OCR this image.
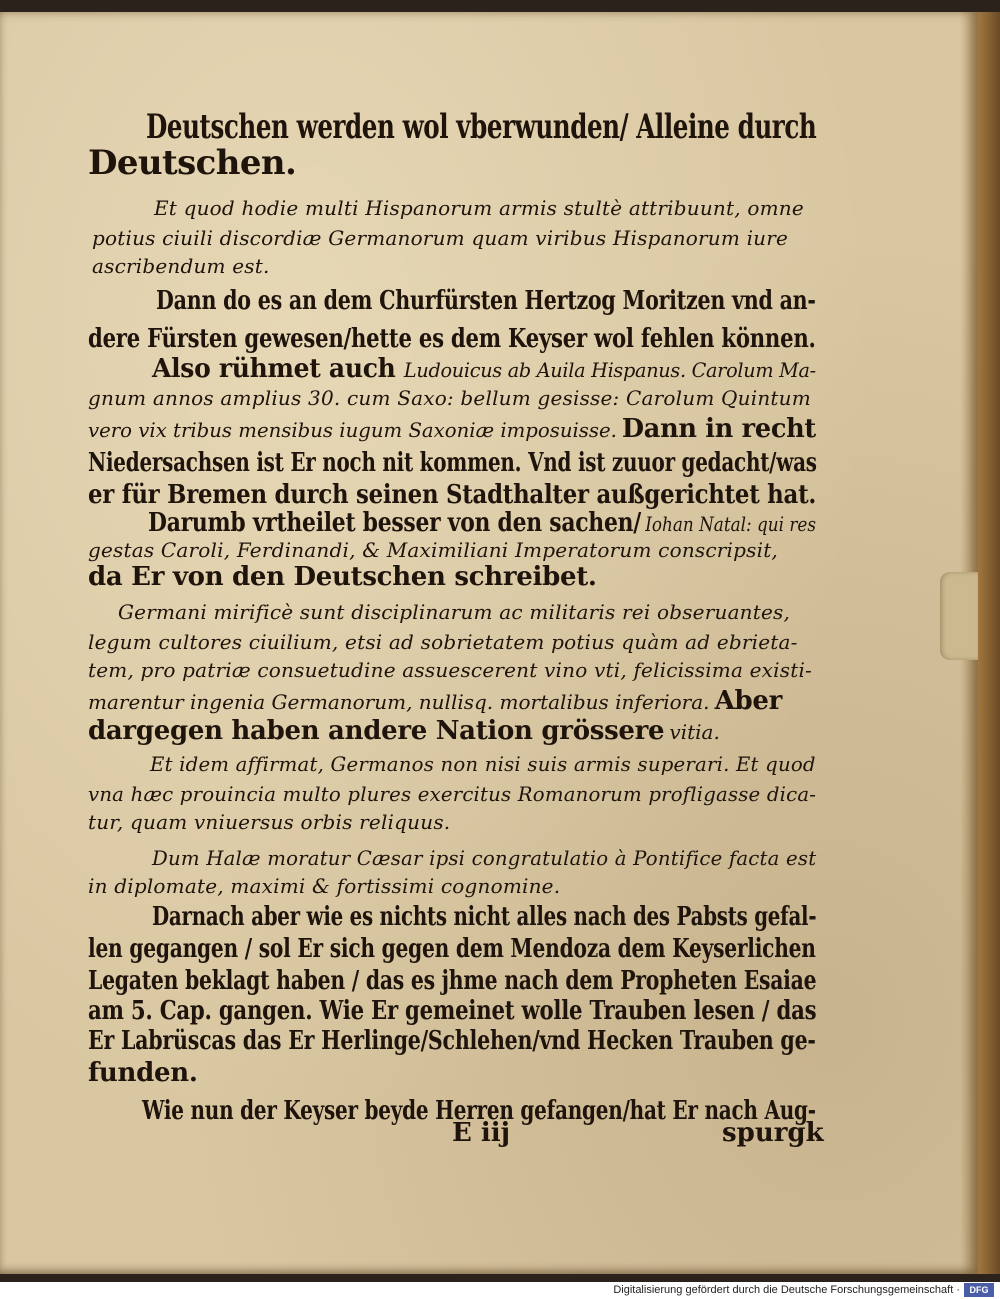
Deutschen werden wol vberwunden/ Alleine durch
Deutschen.
Et quod hodie multi Hispanorum armis stultè attribuunt, omne
potius ciuili discordiæ Germanorum quam viribus Hispanorum iure
ascribendum est.
Dann do es an dem Churfürsten Hertzog Moritzen vnd an-
dere Fürsten gewesen/hette es dem Keyser wol fehlen können.
Also rühmet auch Ludouicus ab Auila Hispanus. Carolum Ma-
gnum annos amplius 30. cum Saxo: bellum gesisse: Carolum Quintum
vero vix tribus mensibus iugum Saxoniæ imposuisse. Dann in recht
Niedersachsen ist Er noch nit kommen. Vnd ist zuuor gedacht/was
er für Bremen durch seinen Stadthalter außgerichtet hat.
Darumb vrtheilet besser von den sachen/ Iohan Natal: qui res
gestas Caroli, Ferdinandi, & Maximiliani Imperatorum conscripsit,
da Er von den Deutschen schreibet.
Germani mirificè sunt disciplinarum ac militaris rei obseruantes,
legum cultores ciuilium, etsi ad sobrietatem potius quàm ad ebrieta-
tem, pro patriæ consuetudine assuescerent vino vti, felicissima existi-
marentur ingenia Germanorum, nullisq. mortalibus inferiora. Aber
dargegen haben andere Nation grössere vitia.
Et idem affirmat, Germanos non nisi suis armis superari. Et quod
vna hæc prouincia multo plures exercitus Romanorum profligasse dica-
tur, quam vniuersus orbis reliquus.
Dum Halæ moratur Cæsar ipsi congratulatio à Pontifice facta est
in diplomate, maximi & fortissimi cognomine.
Darnach aber wie es nichts nicht alles nach des Pabsts gefal-
len gegangen / sol Er sich gegen dem Mendoza dem Keyserlichen
Legaten beklagt haben / das es jhme nach dem Propheten Esaiae
am 5. Cap. gangen. Wie Er gemeinet wolle Trauben lesen / das
Er Labrüscas das Er Herlinge/Schlehen/vnd Hecken Trauben ge-
funden.
Wie nun der Keyser beyde Herren gefangen/hat Er nach Aug-
E iij	spurgk
Digitalisierung gefördert durch die Deutsche Forschungsgemeinschaft ·	DFG
